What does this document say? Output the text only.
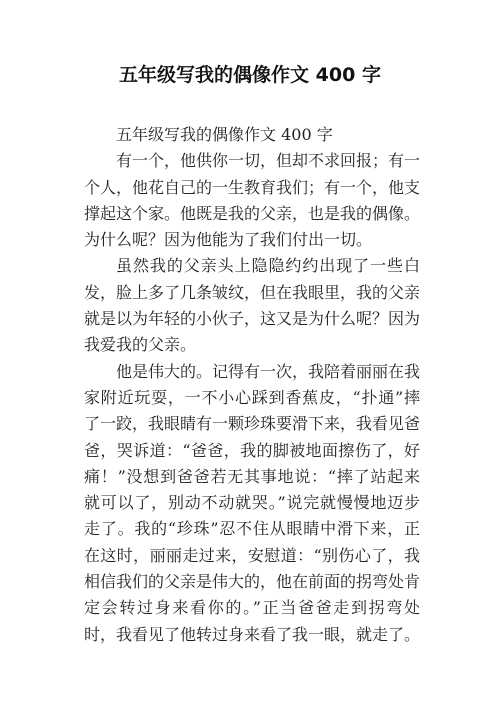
五年级写我的偶像作文 400 字

五年级写我的偶像作文 400 字

有一个，他供你一切，但却不求回报；有一个人，他花自己的一生教育我们；有一个，他支撑起这个家。他既是我的父亲，也是我的偶像。为什么呢？因为他能为了我们付出一切。

虽然我的父亲头上隐隐约约出现了一些白发，脸上多了几条皱纹，但在我眼里，我的父亲就是以为年轻的小伙子，这又是为什么呢？因为我爱我的父亲。

他是伟大的。记得有一次，我陪着丽丽在我家附近玩耍，一不小心踩到香蕉皮，“扑通”摔了一跤，我眼睛有一颗珍珠要滑下来，我看见爸爸，哭诉道：“爸爸，我的脚被地面擦伤了，好痛！”没想到爸爸若无其事地说：“摔了站起来就可以了，别动不动就哭。”说完就慢慢地迈步走了。我的“珍珠”忍不住从眼睛中滑下来，正在这时，丽丽走过来，安慰道：“别伤心了，我相信我们的父亲是伟大的，他在前面的拐弯处肯定会转过身来看你的。”正当爸爸走到拐弯处时，我看见了他转过身来看了我一眼，就走了。
